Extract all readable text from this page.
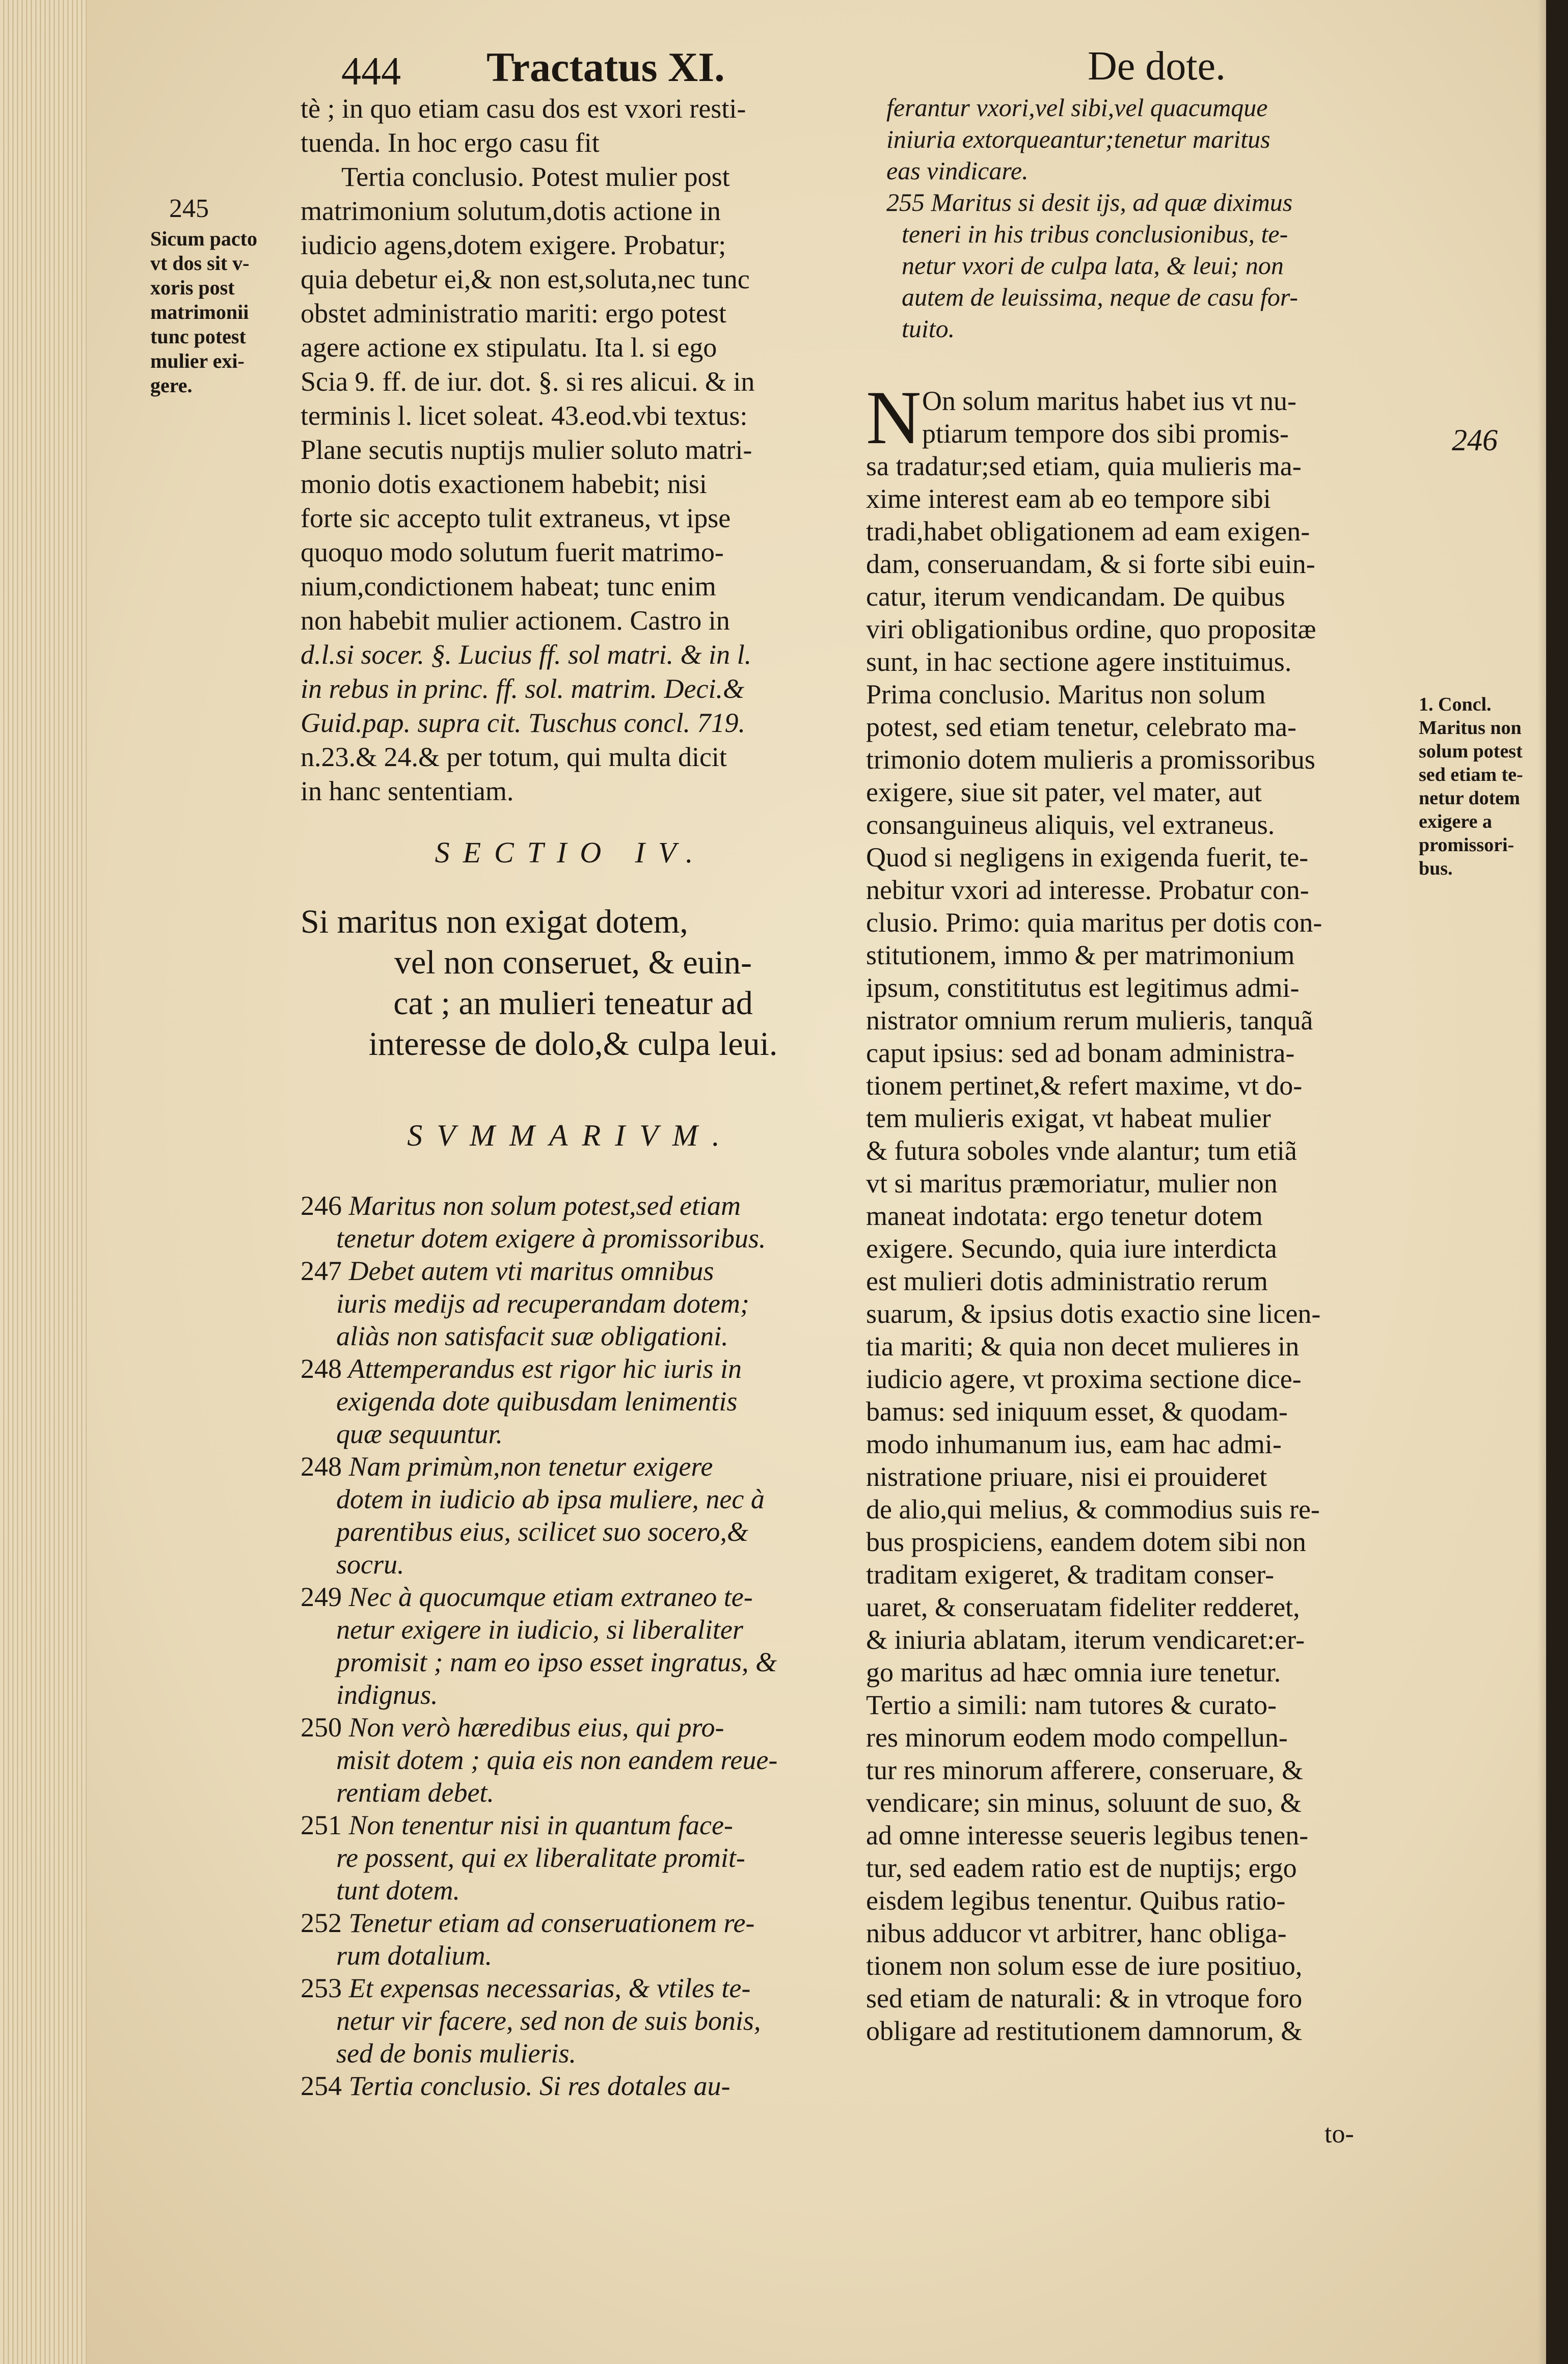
444 Tractatus XI.	De dote.
245
Sicum pacto
vt dos sit v-
xoris post
matrimonii
tunc potest
mulier exi-
gere.
tè ; in quo etiam casu dos est vxori resti-
tuenda. In hoc ergo casu fit
Tertia conclusio. Potest mulier post
matrimonium solutum,dotis actione in
iudicio agens,dotem exigere. Probatur;
quia debetur ei,& non est,soluta,nec tunc
obstet administratio mariti: ergo potest
agere actione ex stipulatu. Ita l. si ego
Scia 9. ff. de iur. dot. §. si res alicui. & in
terminis l. licet soleat. 43.eod.vbi textus:
Plane secutis nuptijs mulier soluto matri-
monio dotis exactionem habebit; nisi
forte sic accepto tulit extraneus, vt ipse
quoquo modo solutum fuerit matrimo-
nium,condictionem habeat; tunc enim
non habebit mulier actionem. Castro in
d.l.si socer. §. Lucius ff. sol matri. & in l.
in rebus in princ. ff. sol. matrim. Deci.&
Guid.pap. supra cit. Tuschus concl. 719.
n.23.& 24.& per totum, qui multa dicit
in hanc sententiam.
SECTIO IV.
Si maritus non exigat dotem,
vel non conseruet, & euin-
cat ; an mulieri teneatur ad
interesse de dolo,& culpa leui.
SVMMARIVM.
246 Maritus non solum potest,sed etiam
tenetur dotem exigere à promissoribus.
247 Debet autem vti maritus omnibus
iuris medijs ad recuperandam dotem;
aliàs non satisfacit suæ obligationi.
248 Attemperandus est rigor hic iuris in
exigenda dote quibusdam lenimentis
quæ sequuntur.
248 Nam primùm,non tenetur exigere
dotem in iudicio ab ipsa muliere, nec à
parentibus eius, scilicet suo socero,&
socru.
249 Nec à quocumque etiam extraneo te-
netur exigere in iudicio, si liberaliter
promisit ; nam eo ipso esset ingratus, &
indignus.
250 Non verò hæredibus eius, qui pro-
misit dotem ; quia eis non eandem reue-
rentiam debet.
251 Non tenentur nisi in quantum face-
re possent, qui ex liberalitate promit-
tunt dotem.
252 Tenetur etiam ad conseruationem re-
rum dotalium.
253 Et expensas necessarias, & vtiles te-
netur vir facere, sed non de suis bonis,
sed de bonis mulieris.
254 Tertia conclusio. Si res dotales au-
ferantur vxori,vel sibi,vel quacumque
iniuria extorqueantur;tenetur maritus
eas vindicare.
255 Maritus si desit ijs, ad quæ diximus
teneri in his tribus conclusionibus, te-
netur vxori de culpa lata, & leui; non
autem de leuissima, neque de casu for-
tuito.
N On solum maritus habet ius vt nu-
ptiarum tempore dos sibi promis-
sa tradatur;sed etiam, quia mulieris ma-
xime interest eam ab eo tempore sibi
tradi,habet obligationem ad eam exigen-
dam, conseruandam, & si forte sibi euin-
catur, iterum vendicandam. De quibus
viri obligationibus ordine, quo propositæ
sunt, in hac sectione agere instituimus.
Prima conclusio. Maritus non solum
potest, sed etiam tenetur, celebrato ma-
trimonio dotem mulieris a promissoribus
exigere, siue sit pater, vel mater, aut
consanguineus aliquis, vel extraneus.
Quod si negligens in exigenda fuerit, te-
nebitur vxori ad interesse. Probatur con-
clusio. Primo: quia maritus per dotis con-
stitutionem, immo & per matrimonium
ipsum, constititutus est legitimus admi-
nistrator omnium rerum mulieris, tanquã
caput ipsius: sed ad bonam administra-
tionem pertinet,& refert maxime, vt do-
tem mulieris exigat, vt habeat mulier
& futura soboles vnde alantur; tum etiã
vt si maritus præmoriatur, mulier non
maneat indotata: ergo tenetur dotem
exigere. Secundo, quia iure interdicta
est mulieri dotis administratio rerum
suarum, & ipsius dotis exactio sine licen-
tia mariti; & quia non decet mulieres in
iudicio agere, vt proxima sectione dice-
bamus: sed iniquum esset, & quodam-
modo inhumanum ius, eam hac admi-
nistratione priuare, nisi ei prouideret
de alio,qui melius, & commodius suis re-
bus prospiciens, eandem dotem sibi non
traditam exigeret, & traditam conser-
uaret, & conseruatam fideliter redderet,
& iniuria ablatam, iterum vendicaret:er-
go maritus ad hæc omnia iure tenetur.
Tertio a simili: nam tutores & curato-
res minorum eodem modo compellun-
tur res minorum afferere, conseruare, &
vendicare; sin minus, soluunt de suo, &
ad omne interesse seueris legibus tenen-
tur, sed eadem ratio est de nuptijs; ergo
eisdem legibus tenentur. Quibus ratio-
nibus adducor vt arbitrer, hanc obliga-
tionem non solum esse de iure positiuo,
sed etiam de naturali: & in vtroque foro
obligare ad restitutionem damnorum, &
to-
246
1. Concl.
Maritus non
solum potest
sed etiam te-
netur dotem
exigere a
promissori-
bus.
